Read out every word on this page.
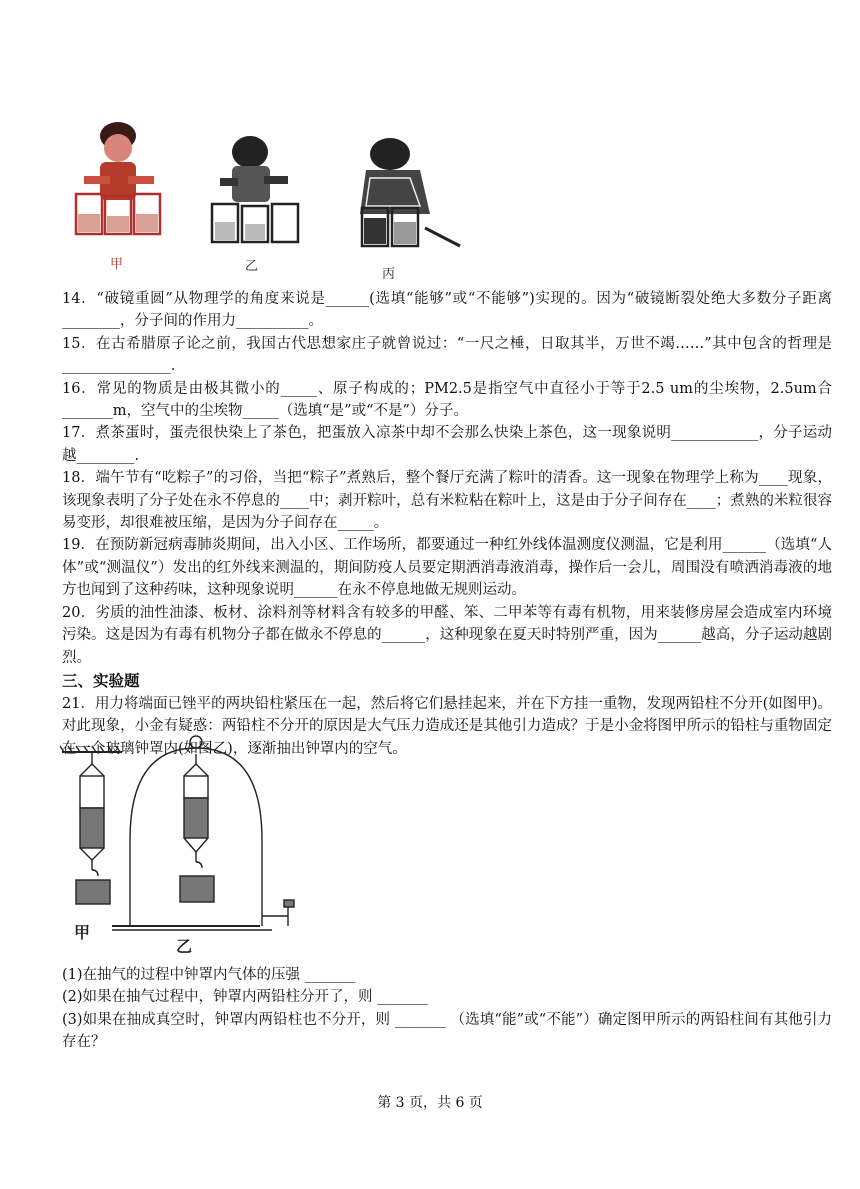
甲	乙
丙

14．“破镜重圆”从物理学的角度来说是______(选填“能够”或“不能够”)实现的。因为“破镜断裂处绝大多数分子距离________，分子间的作用力__________。

15．在古希腊原子论之前，我国古代思想家庄子就曾说过：“一尺之棰，日取其半，万世不竭……”其中包含的哲理是_______________.

16．常见的物质是由极其微小的_____、原子构成的；PM2.5是指空气中直径小于等于2.5 um的尘埃物，2.5um合_______m，空气中的尘埃物_____（选填“是”或“不是”）分子。

17．煮茶蛋时，蛋壳很快染上了茶色，把蛋放入凉茶中却不会那么快染上茶色，这一现象说明____________，分子运动越________.

18．端午节有“吃粽子”的习俗，当把“粽子”煮熟后，整个餐厅充满了粽叶的清香。这一现象在物理学上称为____现象，该现象表明了分子处在永不停息的____中；剥开粽叶，总有米粒粘在粽叶上，这是由于分子间存在____；煮熟的米粒很容易变形，却很难被压缩，是因为分子间存在_____。

19．在预防新冠病毒肺炎期间，出入小区、工作场所，都要通过一种红外线体温测度仪测温，它是利用______（选填“人体”或“测温仪”）发出的红外线来测温的，期间防疫人员要定期洒消毒液消毒，操作后一会儿，周围没有喷洒消毒液的地方也闻到了这种药味，这种现象说明______在永不停息地做无规则运动。

20．劣质的油性油漆、板材、涂料剂等材料含有较多的甲醛、笨、二甲苯等有毒有机物，用来装修房屋会造成室内环境污染。这是因为有毒有机物分子都在做永不停息的______，这种现象在夏天时特别严重，因为______越高，分子运动越剧烈。

三、实验题

21．用力将端面已锉平的两块铅柱紧压在一起，然后将它们悬挂起来，并在下方挂一重物，发现两铅柱不分开(如图甲)。对此现象，小金有疑惑：两铅柱不分开的原因是大气压力造成还是其他引力造成？于是小金将图甲所示的铅柱与重物固定在一个玻璃钟罩内(如图乙)，逐渐抽出钟罩内的空气。

甲
乙

(1)在抽气的过程中钟罩内气体的压强 _______

(2)如果在抽气过程中，钟罩内两铅柱分开了，则 _______

(3)如果在抽成真空时，钟罩内两铅柱也不分开，则 _______ （选填“能”或“不能”）确定图甲所示的两铅柱间有其他引力存在？

第 3 页，共 6 页
